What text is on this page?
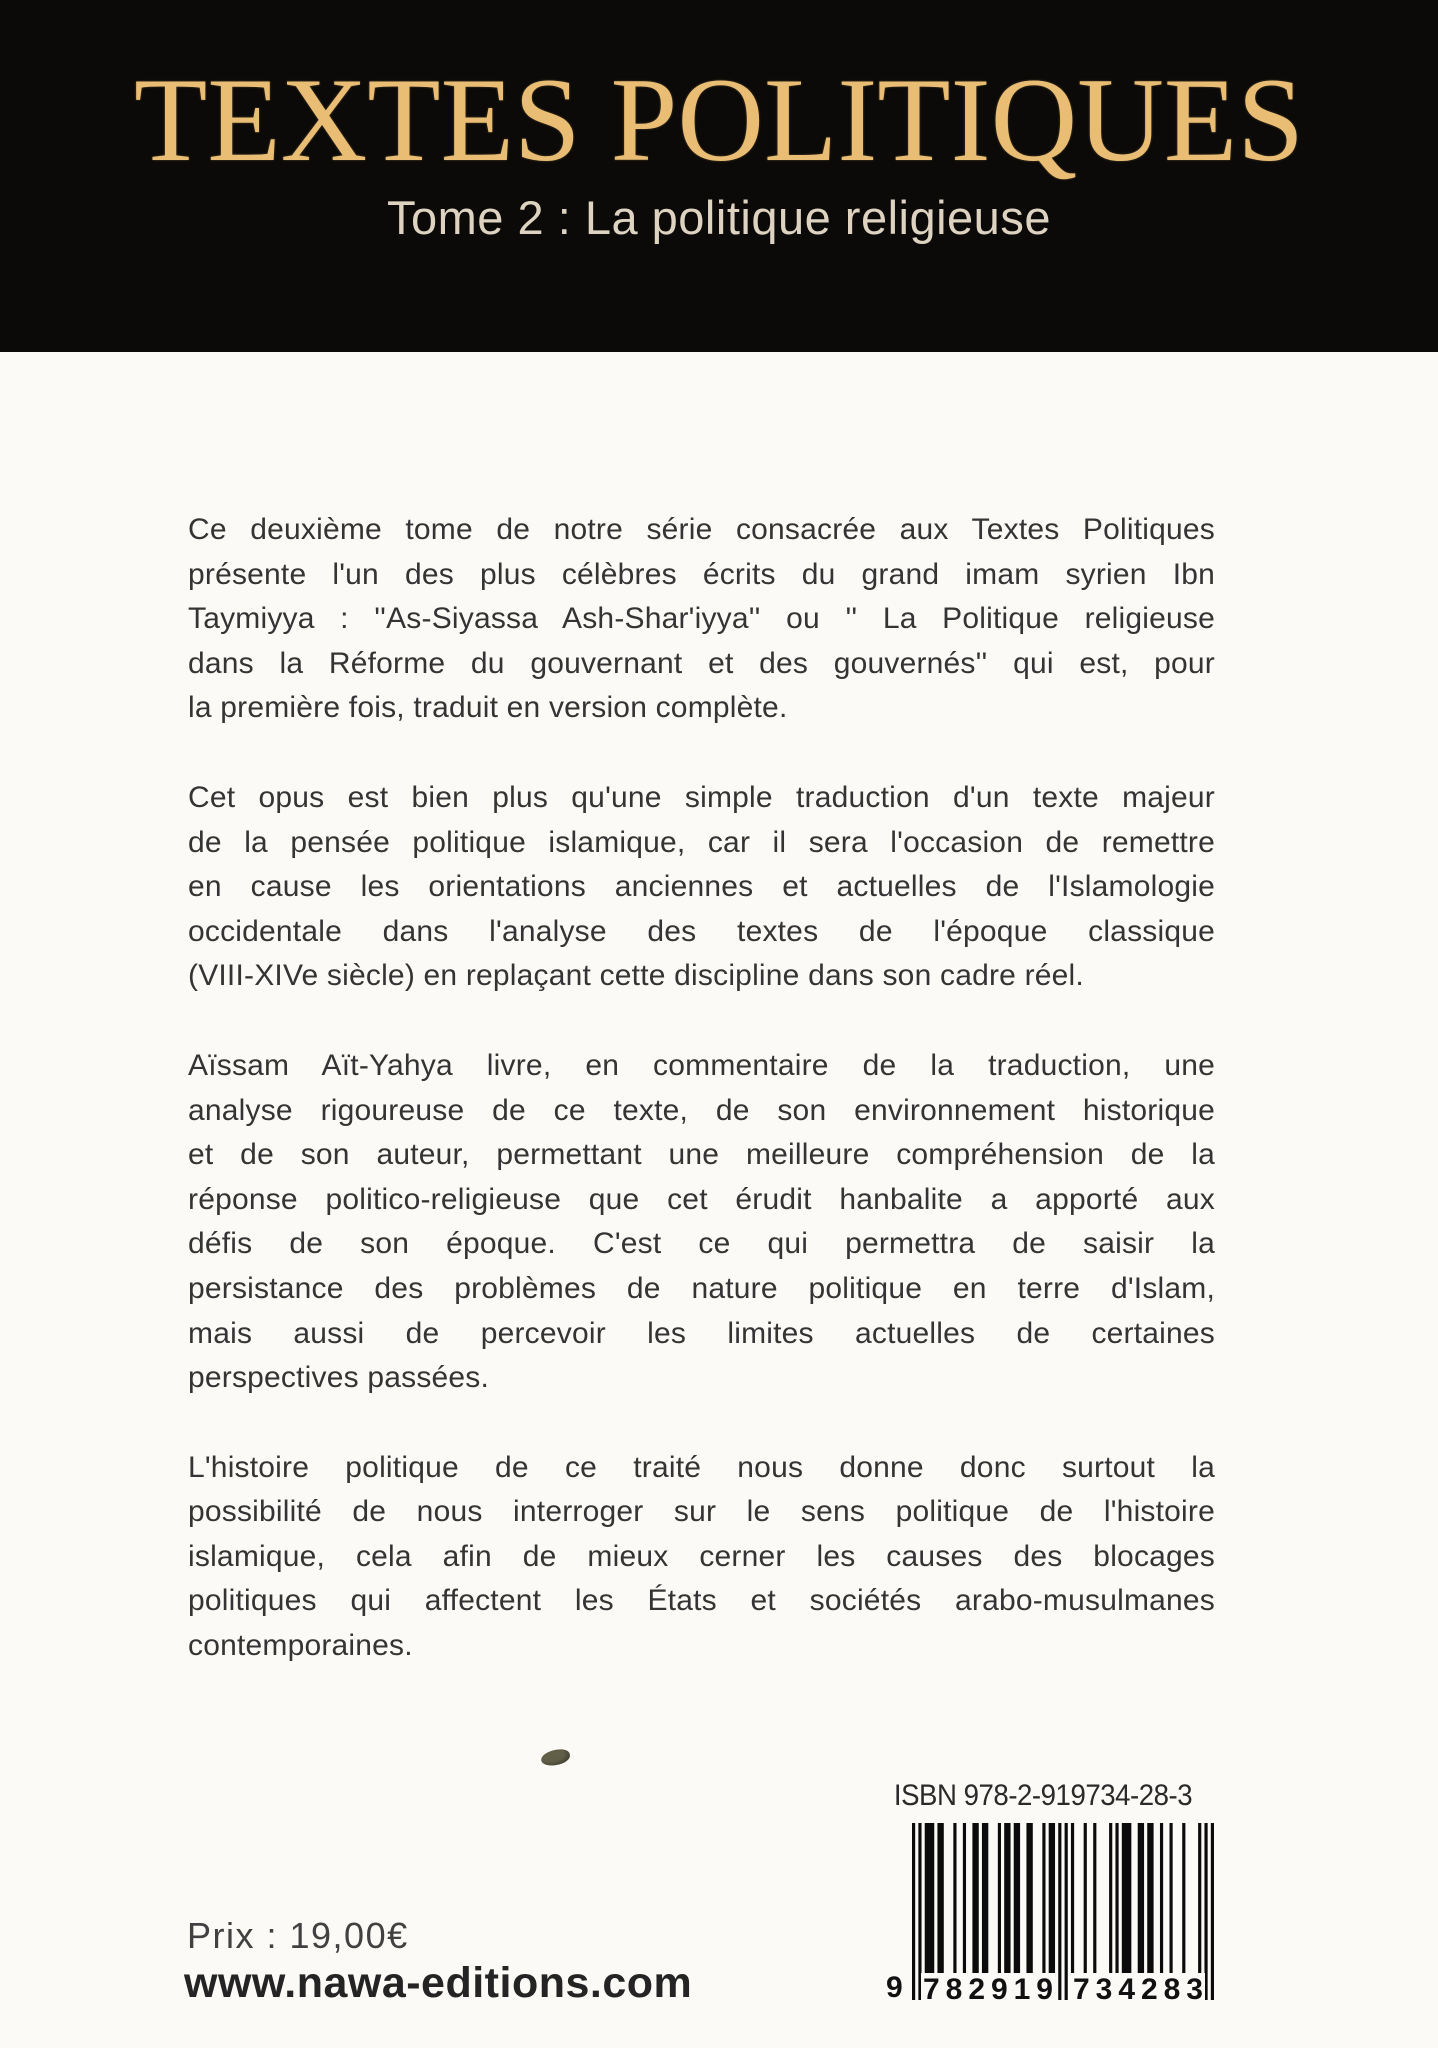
TEXTES POLITIQUES
Tome 2 : La politique religieuse
Ce deuxième tome de notre série consacrée aux Textes Politiques
présente l'un des plus célèbres écrits du grand imam syrien Ibn
Taymiyya : ''As-Siyassa Ash-Shar'iyya'' ou '' La Politique religieuse
dans la Réforme du gouvernant et des gouvernés'' qui est, pour
la première fois, traduit en version complète.
Cet opus est bien plus qu'une simple traduction d'un texte majeur
de la pensée politique islamique, car il sera l'occasion de remettre
en cause les orientations anciennes et actuelles de l'Islamologie
occidentale dans l'analyse des textes de l'époque classique
(VIII-XIVe siècle) en replaçant cette discipline dans son cadre réel.
Aïssam Aït-Yahya livre, en commentaire de la traduction, une
analyse rigoureuse de ce texte, de son environnement historique
et de son auteur, permettant une meilleure compréhension de la
réponse politico-religieuse que cet érudit hanbalite a apporté aux
défis de son époque. C'est ce qui permettra de saisir la
persistance des problèmes de nature politique en terre d'Islam,
mais aussi de percevoir les limites actuelles de certaines
perspectives passées.
L'histoire politique de ce traité nous donne donc surtout la
possibilité de nous interroger sur le sens politique de l'histoire
islamique, cela afin de mieux cerner les causes des blocages
politiques qui affectent les États et sociétés arabo-musulmanes
contemporaines.
ISBN 978-2-919734-28-3
9 7 8 2 9 1 9 7 3 4 2 8 3
Prix : 19,00€
www.nawa-editions.com
